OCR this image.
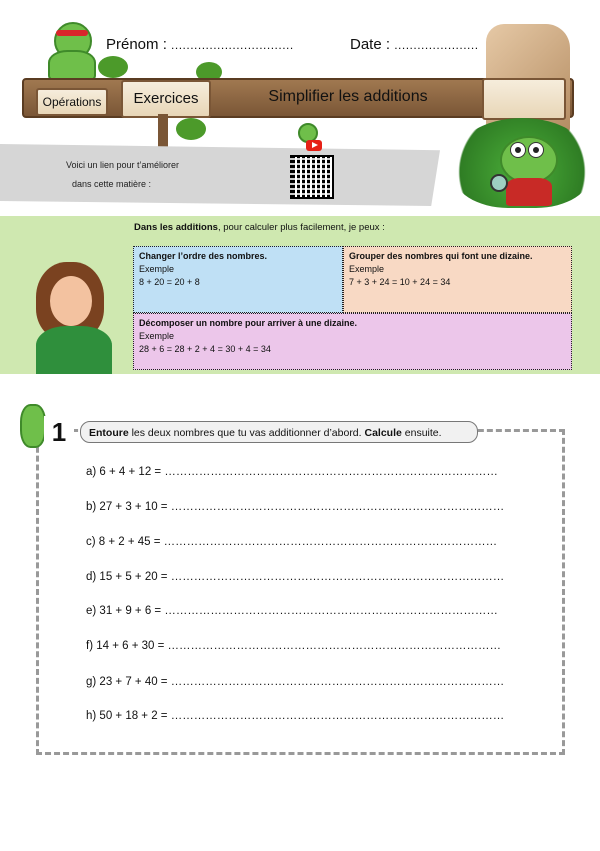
Prénom : ................................	Date : ......................
Opérations	Exercices	Simplifier les additions
Voici un lien pour t’améliorer
dans cette matière :
Dans les additions, pour calculer plus facilement, je peux :
Changer l’ordre des nombres.
Exemple
8 + 20 = 20 + 8
Grouper des nombres qui font une dizaine.
Exemple
7 + 3 + 24 = 10 + 24 = 34
Décomposer un nombre pour arriver à une dizaine.
Exemple
28 + 6 = 28 + 2 + 4 = 30 + 4 = 34
1	Entoure les deux nombres que tu vas additionner d’abord. Calcule ensuite.
a) 6 + 4 + 12 = ……………………………………………………………………………
b) 27 + 3 + 10 = ……………………………………………………………………………
c) 8 + 2 + 45 = ……………………………………………………………………………
d) 15 + 5 + 20 = ……………………………………………………………………………
e) 31 + 9 + 6 = ……………………………………………………………………………
f) 14 + 6 + 30 = ……………………………………………………………………………
g) 23 + 7 + 40 = ……………………………………………………………………………
h) 50 + 18 + 2 = ……………………………………………………………………………
